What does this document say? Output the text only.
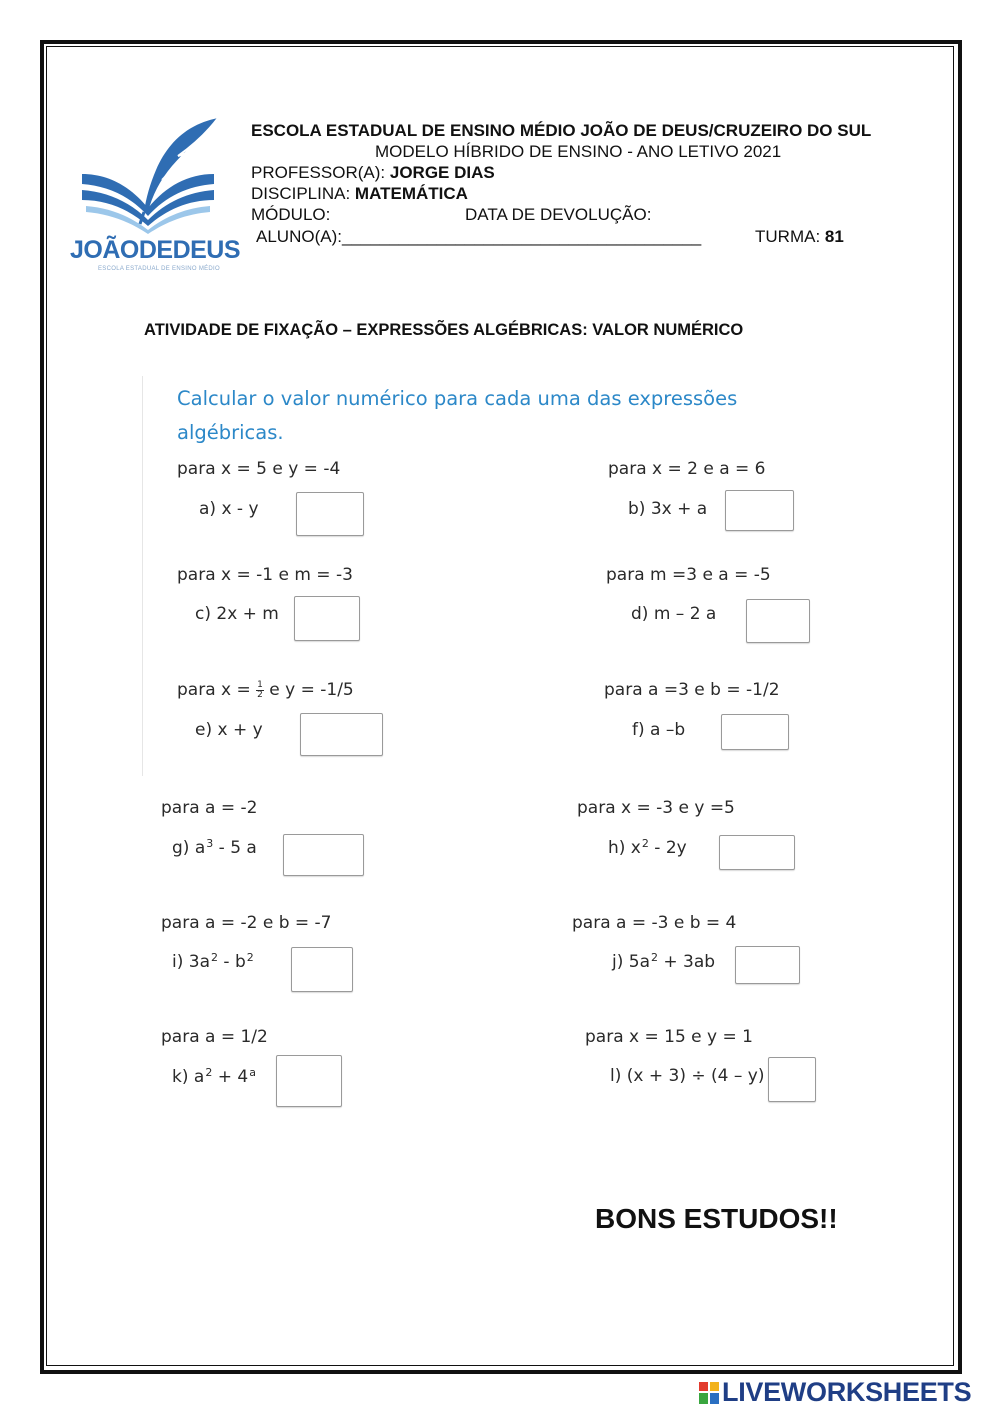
JOÃODEDEUS
ESCOLA ESTADUAL DE ENSINO MÉDIO
ESCOLA ESTADUAL DE ENSINO MÉDIO JOÃO DE DEUS/CRUZEIRO DO SUL
MODELO HÍBRIDO DE ENSINO - ANO LETIVO 2021
PROFESSOR(A): JORGE DIAS
DISCIPLINA: MATEMÁTICA
MÓDULO:	DATA DE DEVOLUÇÃO:
ALUNO(A):______________________________________	TURMA: 81
ATIVIDADE DE FIXAÇÃO – EXPRESSÕES ALGÉBRICAS: VALOR NUMÉRICO
Calcular o valor numérico para cada uma das expressões algébricas.
para x = 5 e y = -4
a) x - y
para x = 2 e a = 6
b) 3x + a
para x = -1 e m = -3
c) 2x + m
para m =3 e a = -5
d) m – 2 a
para $x = \frac{1}{2}$ e y = -1/5
e) x + y
para a =3 e b = -1/2
f) a –b
para a = -2
g) $a^3 - 5$ a
para x = -3 e y =5
h) $x^2 - 2y$
para a = -2 e b = -7
i) $3a^2 - b^2$
para a = -3 e b = 4
j) $5a^2 + 3ab$
para a = 1/2
k) $a^2 + 4^a$
para x = 15 e y = 1
l) (x + 3) ÷ (4 – y)
BONS ESTUDOS!!
LIVEWORKSHEETS
